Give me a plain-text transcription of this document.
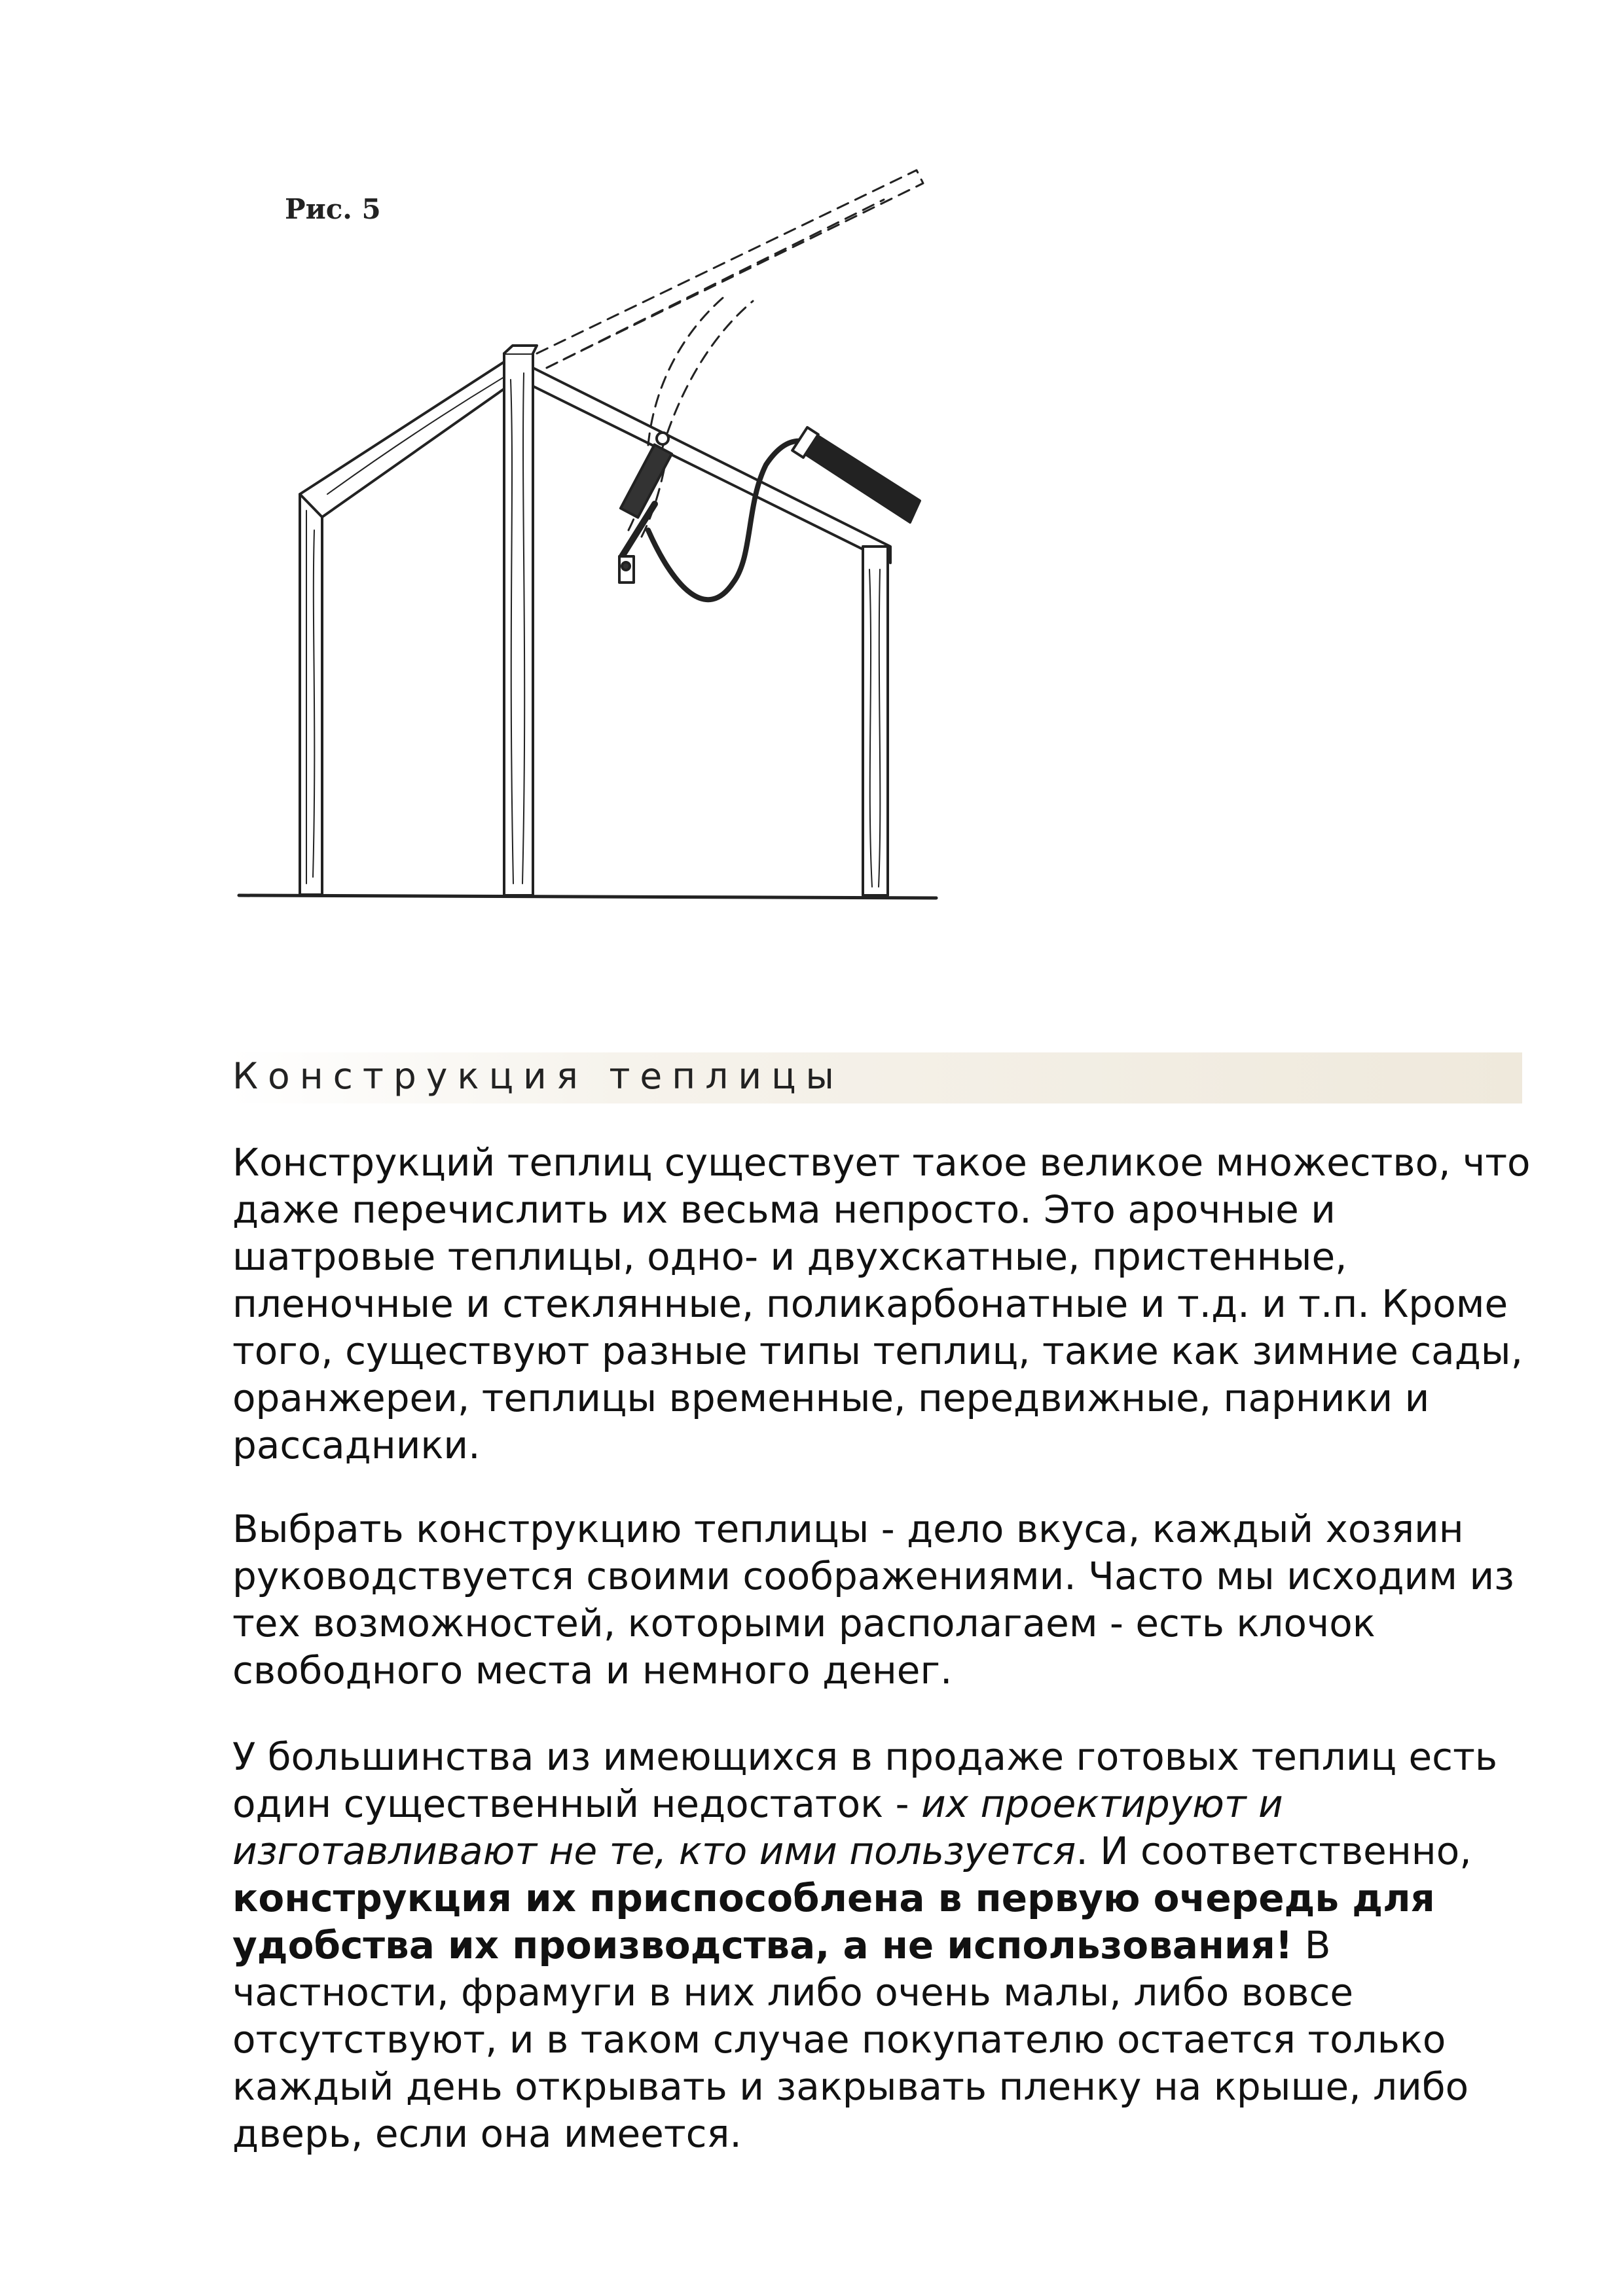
Рис. 5
Конструкция теплицы

Конструкций теплиц существует такое великое множество, что
даже перечислить их весьма непросто. Это арочные и
шатровые теплицы, одно- и двухскатные, пристенные,
пленочные и стеклянные, поликарбонатные и т.д. и т.п. Кроме
того, существуют разные типы теплиц, такие как зимние сады,
оранжереи, теплицы временные, передвижные, парники и
рассадники.

Выбрать конструкцию теплицы - дело вкуса, каждый хозяин
руководствуется своими соображениями. Часто мы исходим из
тех возможностей, которыми располагаем - есть клочок
свободного места и немного денег.

У большинства из имеющихся в продаже готовых теплиц есть
один существенный недостаток - их проектируют и
изготавливают не те, кто ими пользуется. И соответственно,
конструкция их приспособлена в первую очередь для
удобства их производства, а не использования! В
частности, фрамуги в них либо очень малы, либо вовсе
отсутствуют, и в таком случае покупателю остается только
каждый день открывать и закрывать пленку на крыше, либо
дверь, если она имеется.
